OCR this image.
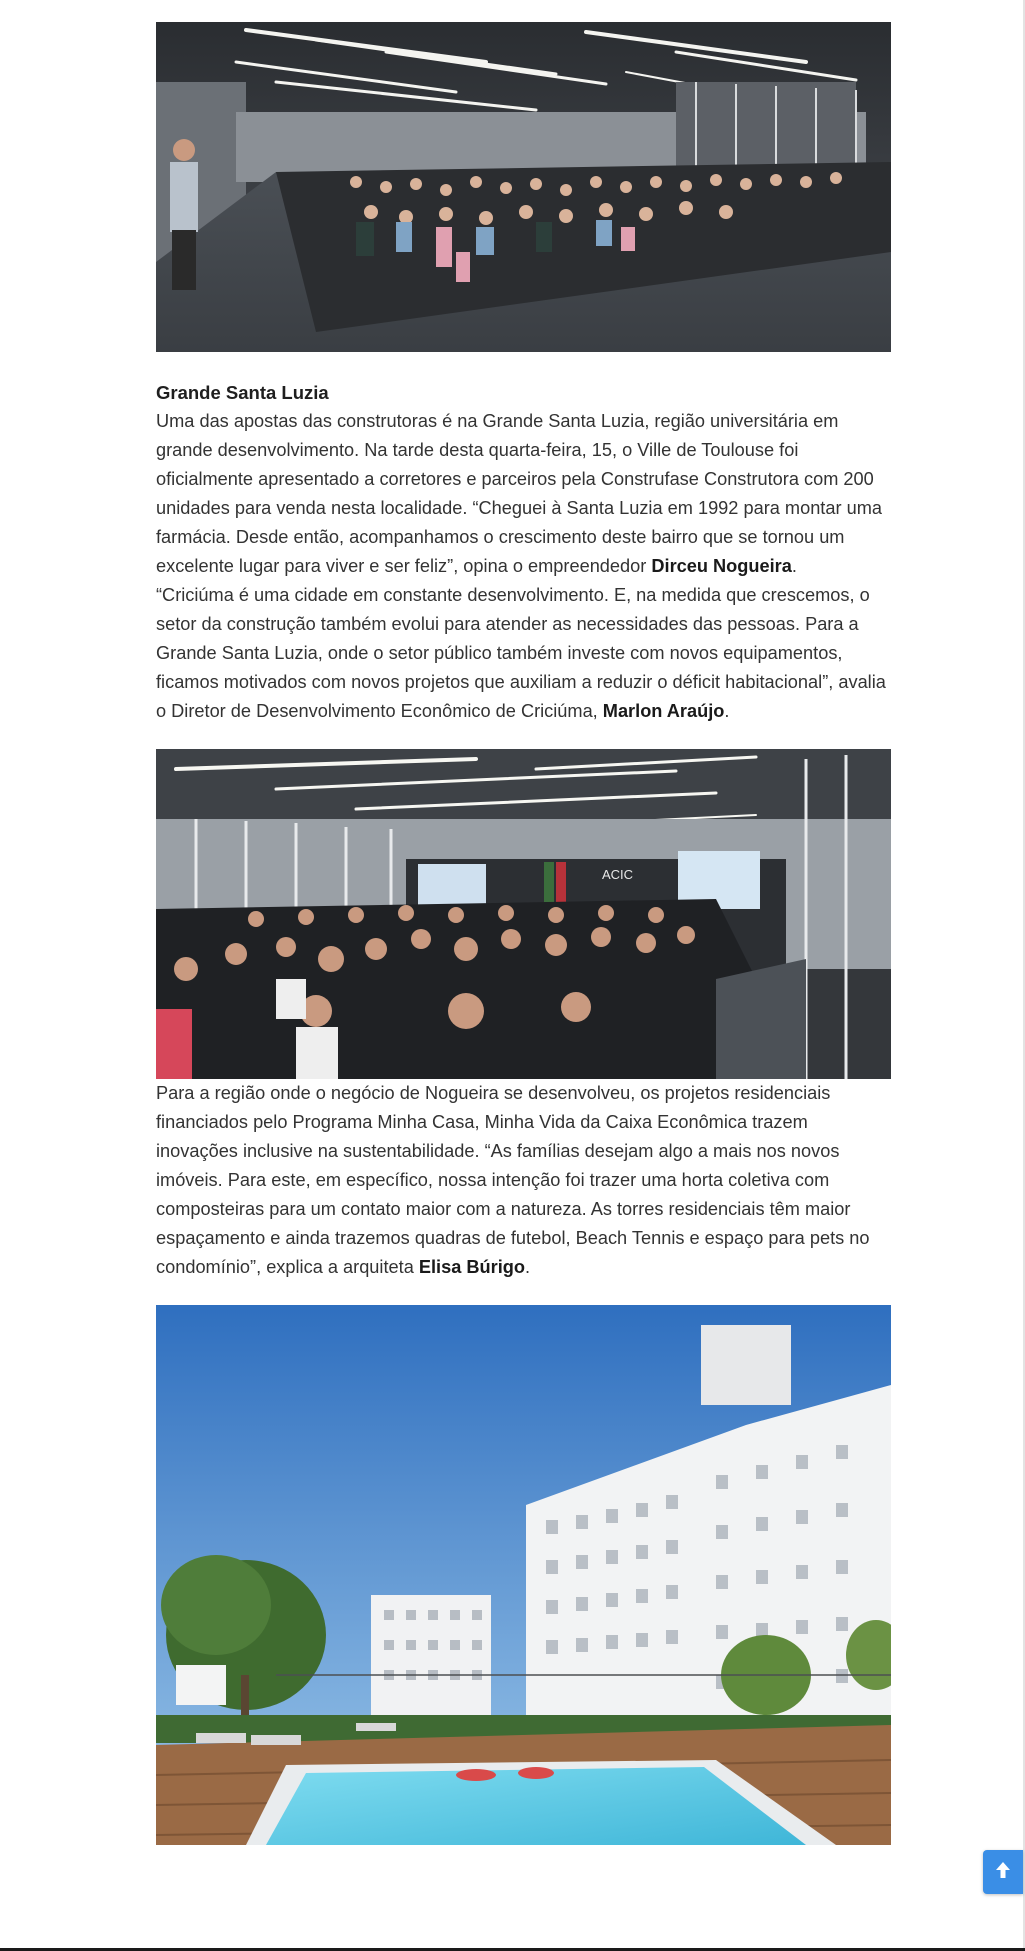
Grande Santa Luzia

Uma das apostas das construtoras é na Grande Santa Luzia, região universitária em grande desenvolvimento. Na tarde desta quarta-feira, 15, o Ville de Toulouse foi oficialmente apresentado a corretores e parceiros pela Construfase Construtora com 200 unidades para venda nesta localidade. “Cheguei à Santa Luzia em 1992 para montar uma farmácia. Desde então, acompanhamos o crescimento deste bairro que se tornou um excelente lugar para viver e ser feliz”, opina o empreendedor Dirceu Nogueira.

“Criciúma é uma cidade em constante desenvolvimento. E, na medida que crescemos, o setor da construção também evolui para atender as necessidades das pessoas. Para a Grande Santa Luzia, onde o setor público também investe com novos equipamentos, ficamos motivados com novos projetos que auxiliam a reduzir o déficit habitacional”, avalia o Diretor de Desenvolvimento Econômico de Criciúma, Marlon Araújo.

ACIC

Para a região onde o negócio de Nogueira se desenvolveu, os projetos residenciais financiados pelo Programa Minha Casa, Minha Vida da Caixa Econômica trazem inovações inclusive na sustentabilidade. “As famílias desejam algo a mais nos novos imóveis. Para este, em específico, nossa intenção foi trazer uma horta coletiva com composteiras para um contato maior com a natureza. As torres residenciais têm maior espaçamento e ainda trazemos quadras de futebol, Beach Tennis e espaço para pets no condomínio”, explica a arquiteta Elisa Búrigo.
